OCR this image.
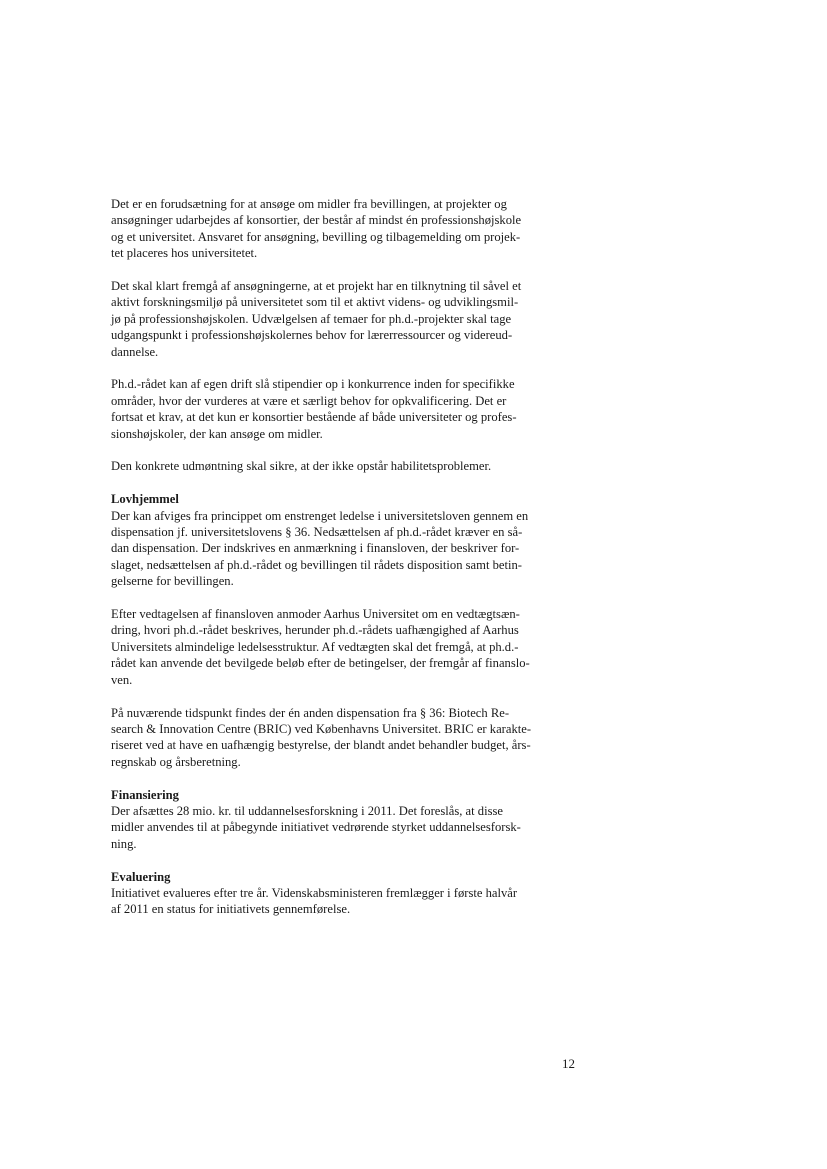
Det er en forudsætning for at ansøge om midler fra bevillingen, at projekter og
ansøgninger udarbejdes af konsortier, der består af mindst én professionshøjskole
og et universitet. Ansvaret for ansøgning, bevilling og tilbagemelding om projek-
tet placeres hos universitetet.
Det skal klart fremgå af ansøgningerne, at et projekt har en tilknytning til såvel et
aktivt forskningsmiljø på universitetet som til et aktivt videns- og udviklingsmil-
jø på professionshøjskolen. Udvælgelsen af temaer for ph.d.-projekter skal tage
udgangspunkt i professionshøjskolernes behov for lærerressourcer og videreud-
dannelse.
Ph.d.-rådet kan af egen drift slå stipendier op i konkurrence inden for specifikke
områder, hvor der vurderes at være et særligt behov for opkvalificering. Det er
fortsat et krav, at det kun er konsortier bestående af både universiteter og profes-
sionshøjskoler, der kan ansøge om midler.
Den konkrete udmøntning skal sikre, at der ikke opstår habilitetsproblemer.
Lovhjemmel
Der kan afviges fra princippet om enstrenget ledelse i universitetsloven gennem en
dispensation jf. universitetslovens § 36. Nedsættelsen af ph.d.-rådet kræver en så-
dan dispensation. Der indskrives en anmærkning i finansloven, der beskriver for-
slaget, nedsættelsen af ph.d.-rådet og bevillingen til rådets disposition samt betin-
gelserne for bevillingen.
Efter vedtagelsen af finansloven anmoder Aarhus Universitet om en vedtægtsæn-
dring, hvori ph.d.-rådet beskrives, herunder ph.d.-rådets uafhængighed af Aarhus
Universitets almindelige ledelsesstruktur. Af vedtægten skal det fremgå, at ph.d.-
rådet kan anvende det bevilgede beløb efter de betingelser, der fremgår af finanslo-
ven.
På nuværende tidspunkt findes der én anden dispensation fra § 36: Biotech Re-
search & Innovation Centre (BRIC) ved Københavns Universitet. BRIC er karakte-
riseret ved at have en uafhængig bestyrelse, der blandt andet behandler budget, års-
regnskab og årsberetning.
Finansiering
Der afsættes 28 mio. kr. til uddannelsesforskning i 2011. Det foreslås, at disse
midler anvendes til at påbegynde initiativet vedrørende styrket uddannelsesforsk-
ning.
Evaluering
Initiativet evalueres efter tre år. Videnskabsministeren fremlægger i første halvår
af 2011 en status for initiativets gennemførelse.
12
